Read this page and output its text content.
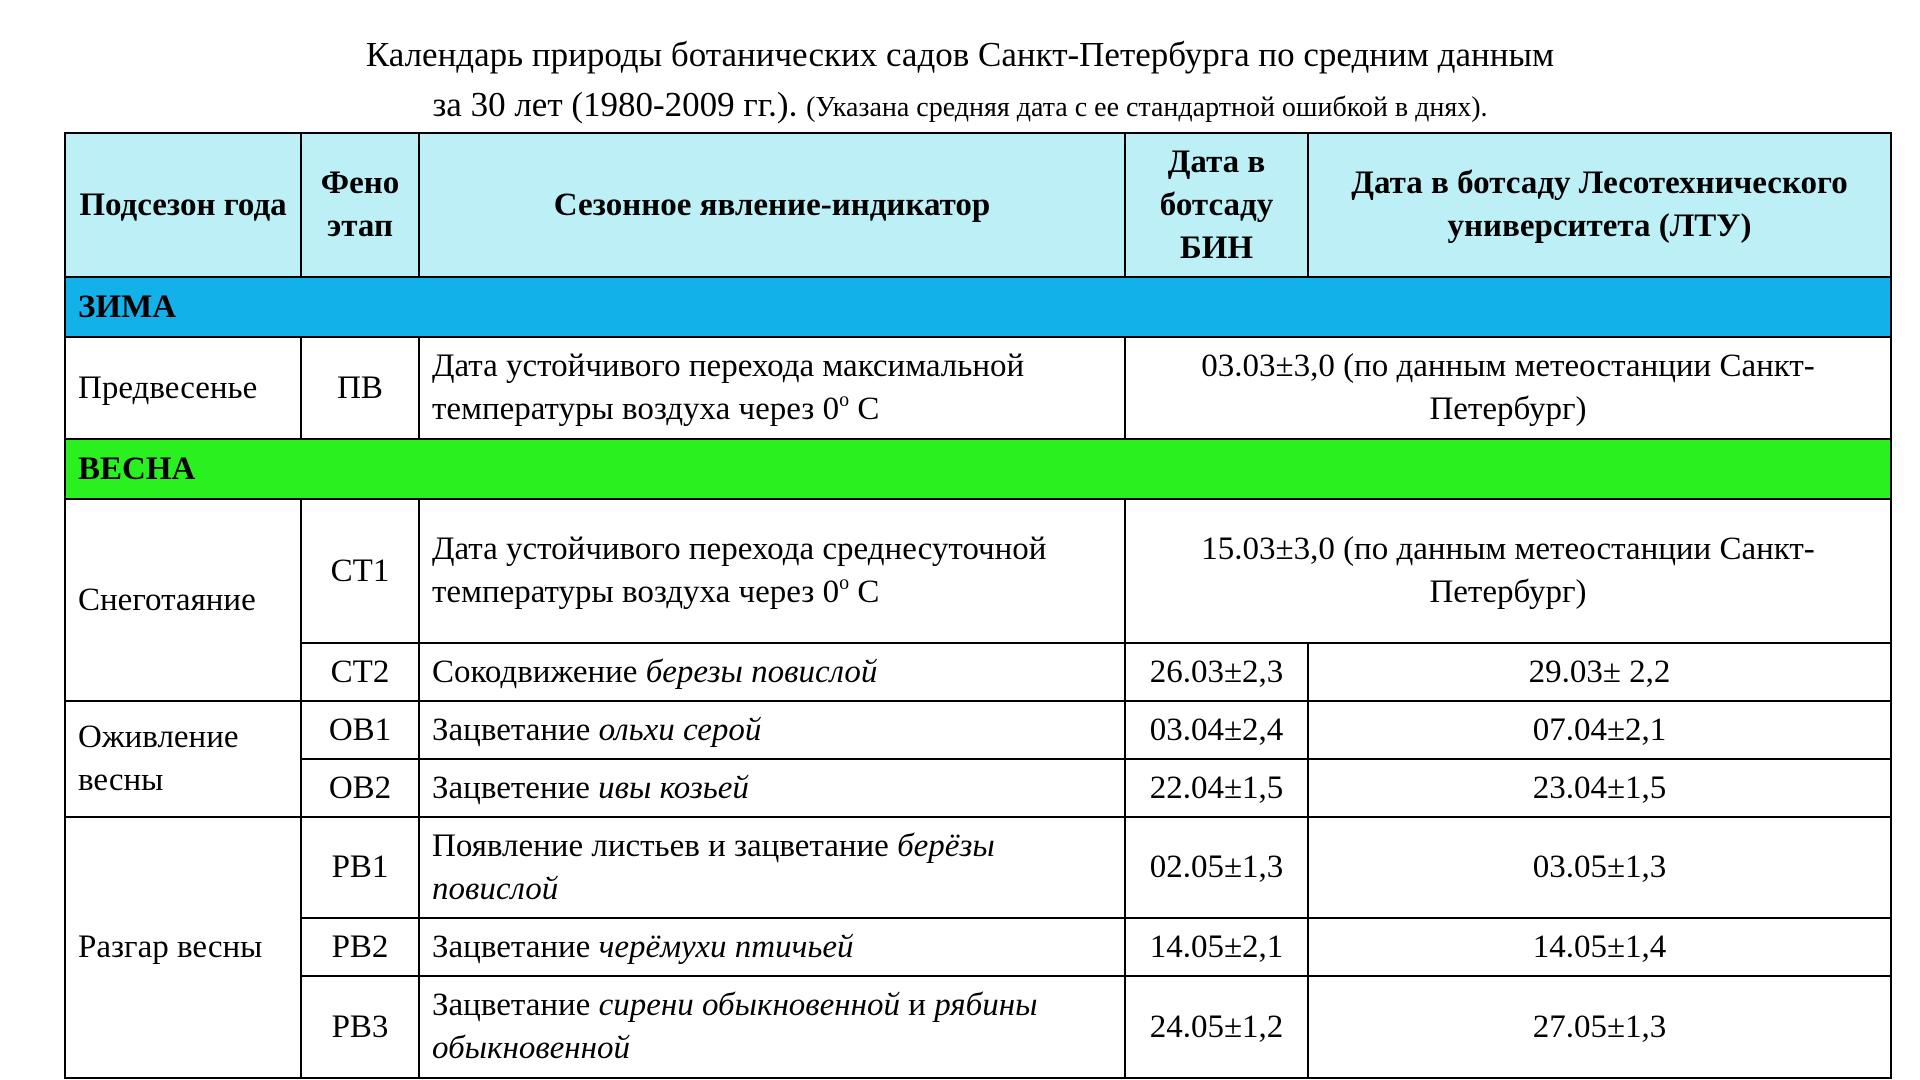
Календарь природы ботанических садов Санкт-Петербурга по средним данным
за 30 лет (1980-2009 гг.). (Указана средняя дата с ее стандартной ошибкой в днях).
Подсезон года	Фено этап	Сезонное явление-индикатор	Дата в ботсаду БИН	Дата в ботсаду Лесотехнического университета (ЛТУ)
ЗИМА				
Предвесенье	ПВ	Дата устойчивого перехода максимальной температуры воздуха через $0^о$ С	03.03±3,0 (по данным метеостанции Санкт-Петербург)	
ВЕСНА				
Снеготаяние	СТ1	Дата устойчивого перехода среднесуточной температуры воздуха через $0^о$ С	15.03±3,0 (по данным метеостанции Санкт-Петербург)	
	СТ2	Сокодвижение березы повислой	26.03±2,3	29.03± 2,2
Оживление весны	ОВ1	Зацветание ольхи серой	03.04±2,4	07.04±2,1
	ОВ2	Зацветение ивы козьей	22.04±1,5	23.04±1,5
Разгар весны	РВ1	Появление листьев и зацветание берёзы повислой	02.05±1,3	03.05±1,3
	РВ2	Зацветание черёмухи птичьей	14.05±2,1	14.05±1,4
	РВ3	Зацветание сирени обыкновенной и рябины обыкновенной	24.05±1,2	27.05±1,3
